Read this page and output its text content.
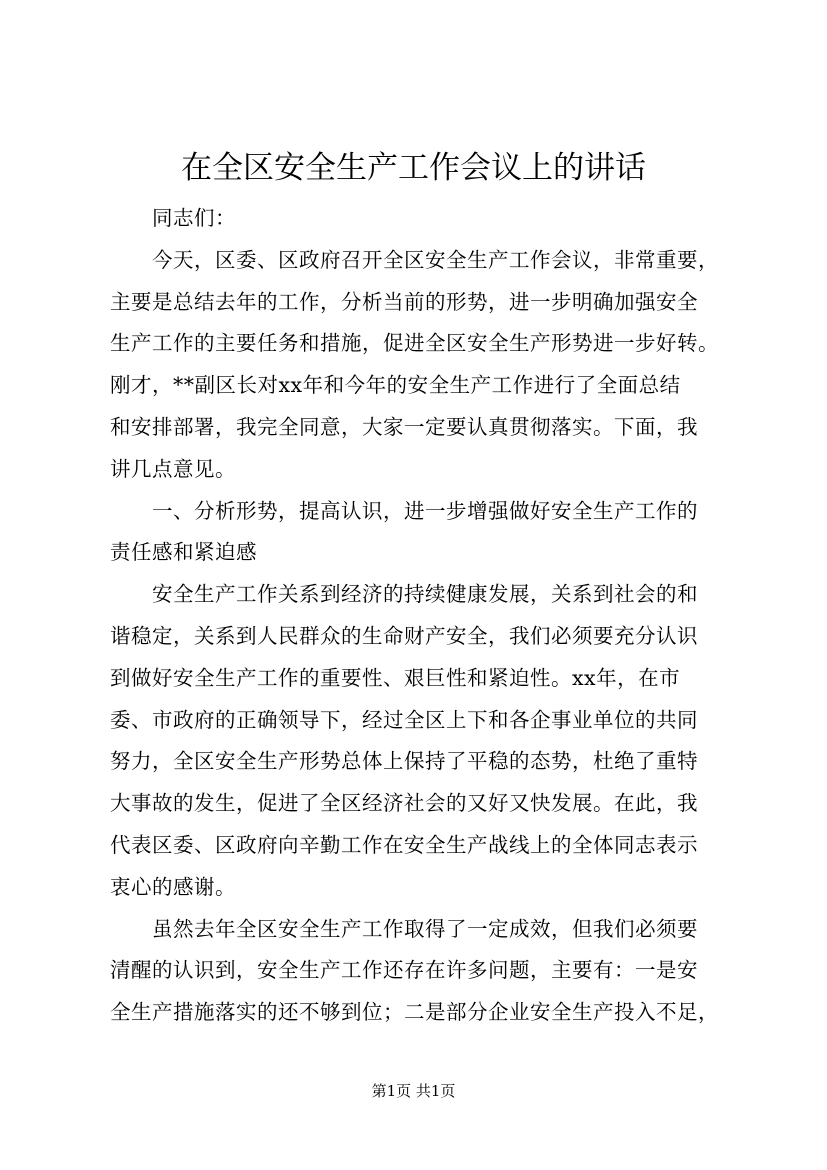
在全区安全生产工作会议上的讲话
同志们：
今天，区委、区政府召开全区安全生产工作会议，非常重要，
主要是总结去年的工作，分析当前的形势，进一步明确加强安全
生产工作的主要任务和措施，促进全区安全生产形势进一步好转。
刚才，**副区长对xx年和今年的安全生产工作进行了全面总结
和安排部署，我完全同意，大家一定要认真贯彻落实。下面，我
讲几点意见。
一、分析形势，提高认识，进一步增强做好安全生产工作的
责任感和紧迫感
安全生产工作关系到经济的持续健康发展，关系到社会的和
谐稳定，关系到人民群众的生命财产安全，我们必须要充分认识
到做好安全生产工作的重要性、艰巨性和紧迫性。xx年，在市
委、市政府的正确领导下，经过全区上下和各企事业单位的共同
努力，全区安全生产形势总体上保持了平稳的态势，杜绝了重特
大事故的发生，促进了全区经济社会的又好又快发展。在此，我
代表区委、区政府向辛勤工作在安全生产战线上的全体同志表示
衷心的感谢。
虽然去年全区安全生产工作取得了一定成效，但我们必须要
清醒的认识到，安全生产工作还存在许多问题，主要有：一是安
全生产措施落实的还不够到位；二是部分企业安全生产投入不足，
第1页 共1页
